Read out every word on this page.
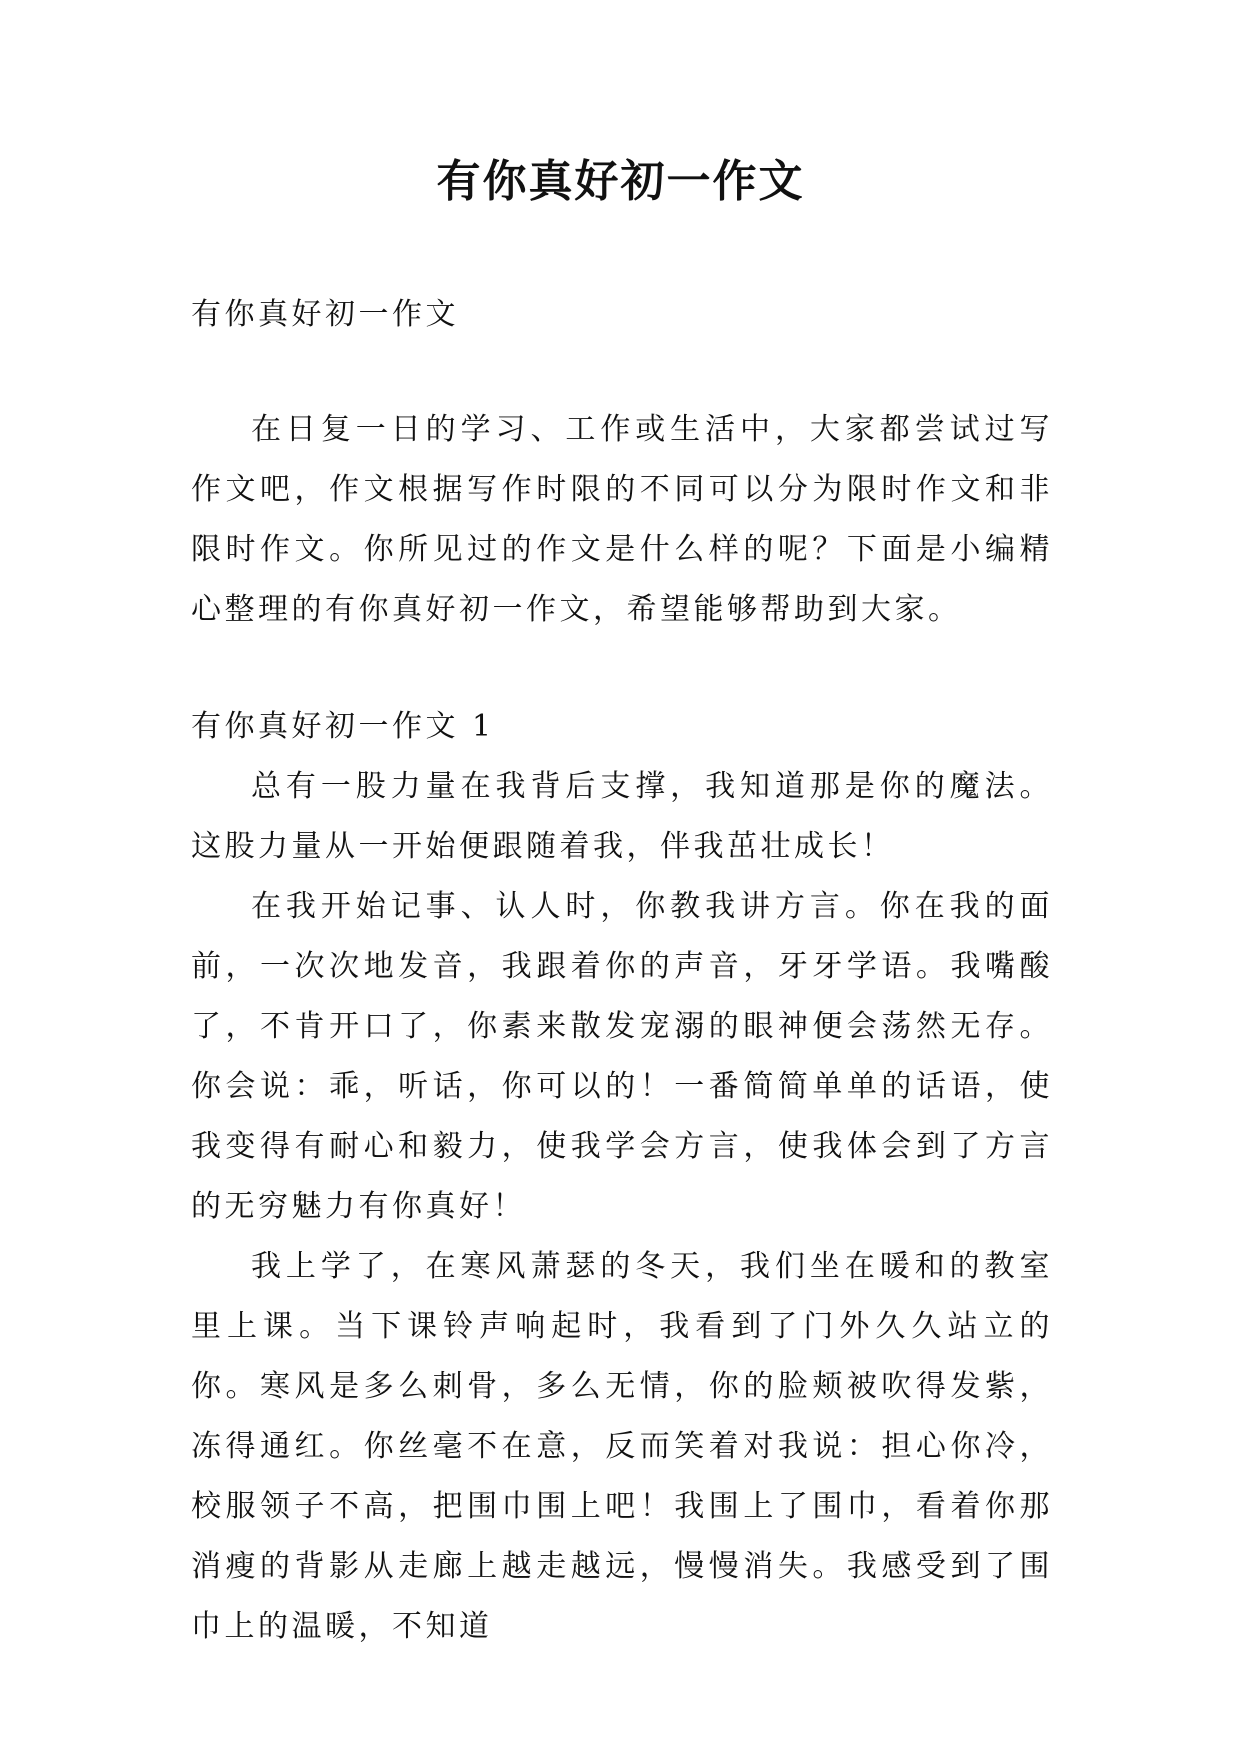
有你真好初一作文
有你真好初一作文

在日复一日的学习、工作或生活中，大家都尝试过写作文吧，作文根据写作时限的不同可以分为限时作文和非限时作文。你所见过的作文是什么样的呢？下面是小编精心整理的有你真好初一作文，希望能够帮助到大家。

有你真好初一作文 1

总有一股力量在我背后支撑，我知道那是你的魔法。这股力量从一开始便跟随着我，伴我茁壮成长！

在我开始记事、认人时，你教我讲方言。你在我的面前，一次次地发音，我跟着你的声音，牙牙学语。我嘴酸了，不肯开口了，你素来散发宠溺的眼神便会荡然无存。你会说：乖，听话，你可以的！一番简简单单的话语，使我变得有耐心和毅力，使我学会方言，使我体会到了方言的无穷魅力有你真好！

我上学了，在寒风萧瑟的冬天，我们坐在暖和的教室里上课。当下课铃声响起时，我看到了门外久久站立的你。寒风是多么刺骨，多么无情，你的脸颊被吹得发紫，冻得通红。你丝毫不在意，反而笑着对我说：担心你冷，校服领子不高，把围巾围上吧！我围上了围巾，看着你那消瘦的背影从走廊上越走越远，慢慢消失。我感受到了围巾上的温暖，不知道
